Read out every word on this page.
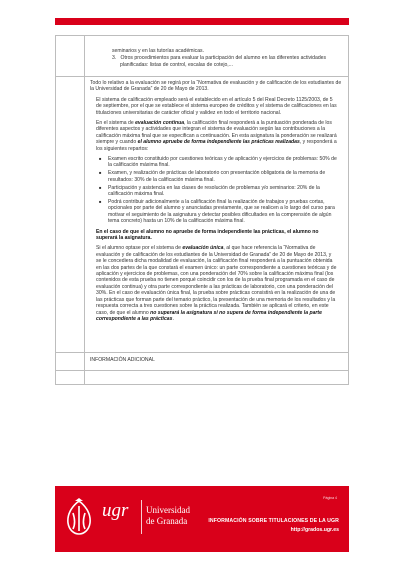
seminarios y en las tutorías académicas.

3.   Otros procedimientos para evaluar la participación del alumno en las diferentes actividades planificadas: listas de control, escalas de cotejo,...

Todo lo relativo a la evaluación se regirá por la “Normativa de evaluación y de calificación de los estudiantes de la Universidad de Granada” de 20 de Mayo de 2013.

El sistema de calificación empleado será el establecido en el artículo 5 del Real Decreto 1125/2003, de 5 de septiembre, por el que se establece el sistema europeo de créditos y el sistema de calificaciones en las titulaciones universitarias de carácter oficial y validez en todo el territorio nacional.

En el sistema de evaluación continua, la calificación final responderá a la puntuación ponderada de los diferentes aspectos y actividades que integran el sistema de evaluación según las contribuciones a la calificación máxima final que se especifican a continuación. En esta asignatura la ponderación se realizará siempre y cuando el alumno apruebe de forma independiente las prácticas realizadas, y responderá a los siguientes repartos:

■ Examen escrito constituido por cuestiones teóricas y de aplicación y ejercicios de problemas: 50% de la calificación máxima final.
■ Examen, y realización de prácticas de laboratorio con presentación obligatoria de la memoria de resultados: 30% de la calificación máxima final.
■ Participación y asistencia en las clases de resolución de problemas y/o seminarios: 20% de la calificación máxima final.
■ Podrá contribuir adicionalmente a la calificación final la realización de trabajos y pruebas cortas, opcionales por parte del alumno y anunciadas previamente, que se realicen a lo largo del curso para motivar el seguimiento de la asignatura y detectar posibles dificultades en la comprensión de algún tema concreto) hasta un 10% de la calificación máxima final.

En el caso de que el alumno no apruebe de forma independiente las prácticas, el alumno no superará la asignatura.

Si el alumno optase por el sistema de evaluación única, al que hace referencia la “Normativa de evaluación y de calificación de los estudiantes de la Universidad de Granada” de 20 de Mayo de 2013, y se le concediera dicha modalidad de evaluación, la calificación final responderá a la puntuación obtenida en las dos partes de la que constará el examen único: un parte correspondiente a cuestiones teóricas y de aplicación y ejercicios de problemas, con una ponderación del 70% sobre la calificación máxima final (los contenidos de esta prueba no tienen porqué coincidir con los de la prueba final programada en el caso de evaluación continua) y otra parte correspondiente a las prácticas de laboratorio, con una ponderación del 30%. En el caso de evaluación única final, la prueba sobre prácticas consistirá en la realización de una de las prácticas que forman parte del temario práctico, la presentación de una memoria de los resultados y la respuesta correcta a tres cuestiones sobre la práctica realizada. También se aplicará el criterio, en este caso, de que el alumno no superará la asignatura si no supera de forma independiente la parte correspondiente a las prácticas.

INFORMACIÓN ADICIONAL
ugr Universidad
de Granada
Página 4
INFORMACIÓN SOBRE TITULACIONES DE LA UGR
http://grados.ugr.es
